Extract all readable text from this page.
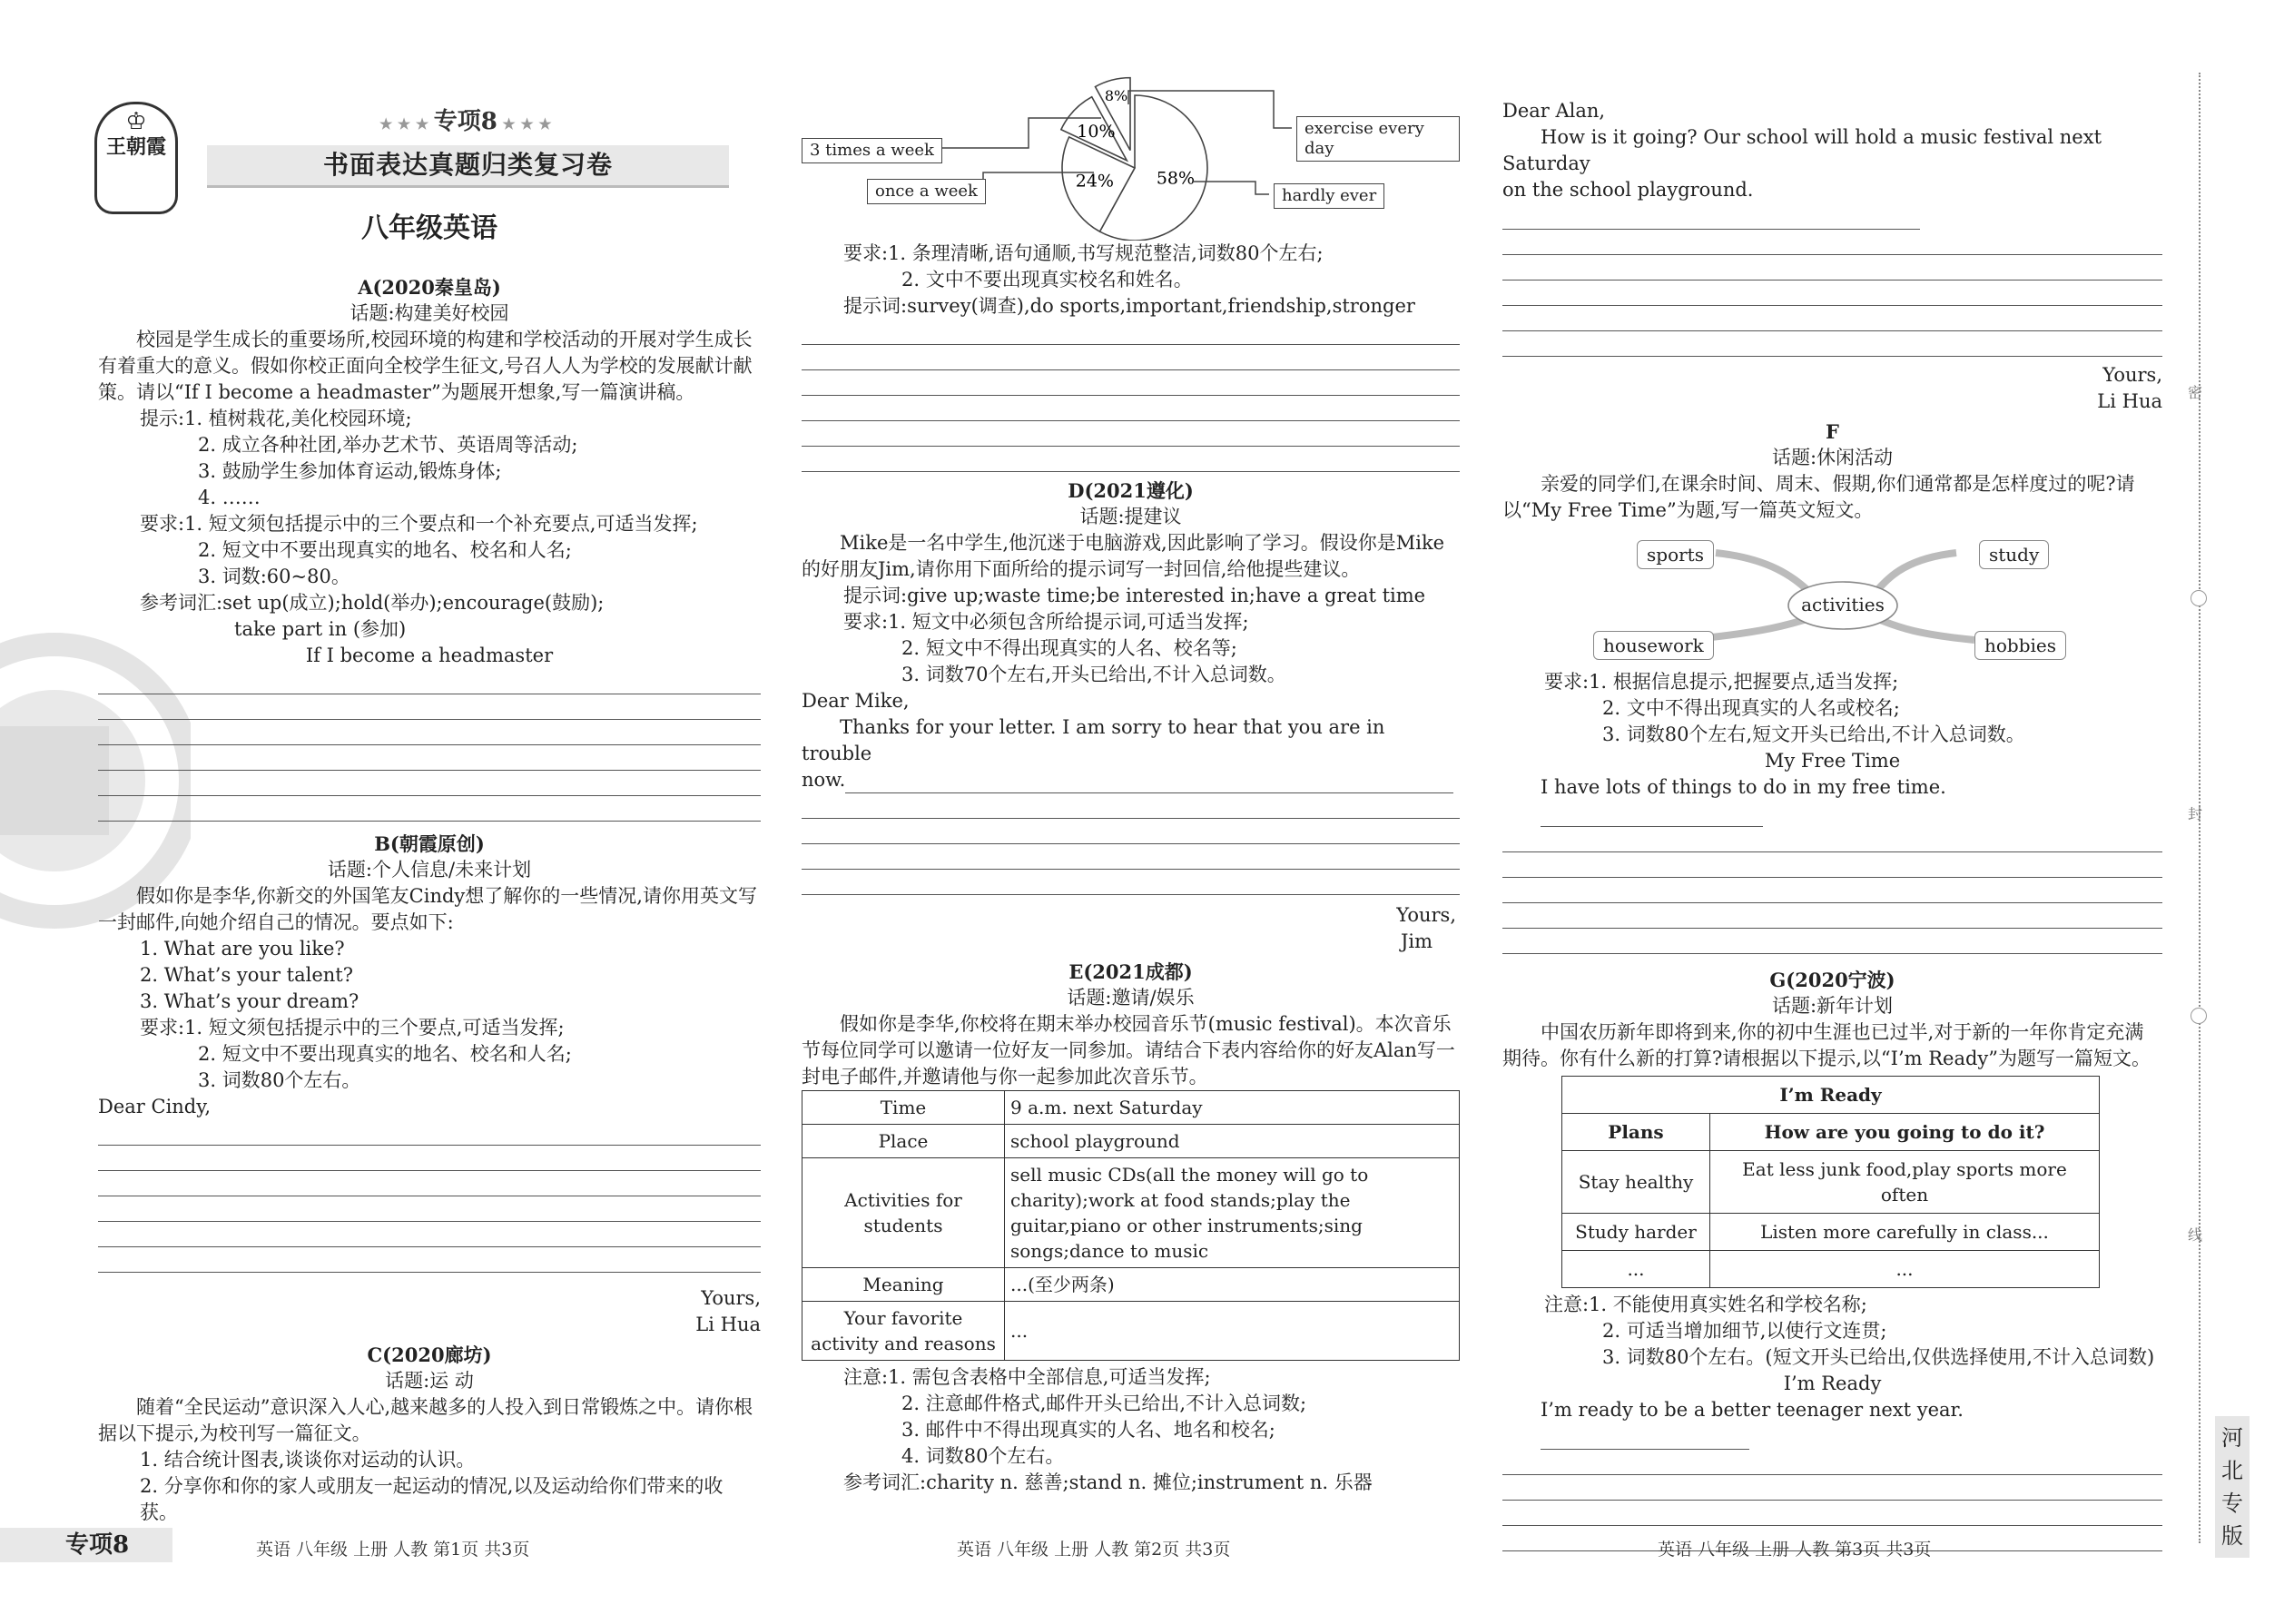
♔
王朝霞
★ ★ ★ 专项8 ★ ★ ★
书面表达真题归类复习卷
八年级英语

A(2020秦皇岛)

话题:构建美好校园

校园是学生成长的重要场所,校园环境的构建和学校活动的开展对学生成长有着重大的意义。假如你校正面向全校学生征文,号召人人为学校的发展献计献策。请以“If I become a headmaster”为题展开想象,写一篇演讲稿。

提示:1. 植树栽花,美化校园环境;

2. 成立各种社团,举办艺术节、英语周等活动;

3. 鼓励学生参加体育运动,锻炼身体;

4. ……

要求:1. 短文须包括提示中的三个要点和一个补充要点,可适当发挥;

2. 短文中不要出现真实的地名、校名和人名;

3. 词数:60~80。

参考词汇:set up(成立);hold(举办);encourage(鼓励);

take part in (参加)

If I become a headmaster

B(朝霞原创)

话题:个人信息/未来计划

假如你是李华,你新交的外国笔友Cindy想了解你的一些情况,请你用英文写一封邮件,向她介绍自己的情况。要点如下:

1. What are you like?

2. What’s your talent?

3. What’s your dream?

要求:1. 短文须包括提示中的三个要点,可适当发挥;

2. 短文中不要出现真实的地名、校名和人名;

3. 词数80个左右。

Dear Cindy,

Yours,

Li Hua

C(2020廊坊)

话题:运 动

随着“全民运动”意识深入人心,越来越多的人投入到日常锻炼之中。请你根据以下提示,为校刊写一篇征文。

1. 结合统计图表,谈谈你对运动的认识。

2. 分享你和你的家人或朋友一起运动的情况,以及运动给你们带来的收获。

58%
24%
10%
8%
3 times a week
once a week
exercise every day
hardly ever

要求:1. 条理清晰,语句通顺,书写规范整洁,词数80个左右;

2. 文中不要出现真实校名和姓名。

提示词:survey(调查),do sports,important,friendship,stronger

D(2021遵化)

话题:提建议

Mike是一名中学生,他沉迷于电脑游戏,因此影响了学习。假设你是Mike的好朋友Jim,请你用下面所给的提示词写一封回信,给他提些建议。

提示词:give up;waste time;be interested in;have a great time

要求:1. 短文中必须包含所给提示词,可适当发挥;

2. 短文中不得出现真实的人名、校名等;

3. 词数70个左右,开头已给出,不计入总词数。

Dear Mike,

Thanks for your letter. I am sorry to hear that you are in trouble

now.

Yours,

Jim

E(2021成都)

话题:邀请/娱乐

假如你是李华,你校将在期末举办校园音乐节(music festival)。本次音乐节每位同学可以邀请一位好友一同参加。请结合下表内容给你的好友Alan写一封电子邮件,并邀请他与你一起参加此次音乐节。

Time	9 a.m. next Saturday
Place	school playground
Activities for students	sell music CDs(all the money will go to charity);work at food stands;play the guitar,piano or other instruments;sing songs;dance to music
Meaning	...(至少两条)
Your favorite activity and reasons	...

注意:1. 需包含表格中全部信息,可适当发挥;

2. 注意邮件格式,邮件开头已给出,不计入总词数;

3. 邮件中不得出现真实的人名、地名和校名;

4. 词数80个左右。

参考词汇:charity n. 慈善;stand n. 摊位;instrument n. 乐器

Dear Alan,

How is it going? Our school will hold a music festival next Saturday

on the school playground.

Yours,

Li Hua

F

话题:休闲活动

亲爱的同学们,在课余时间、周末、假期,你们通常都是怎样度过的呢?请以“My Free Time”为题,写一篇英文短文。

activities
sports	study
housework	hobbies

要求:1. 根据信息提示,把握要点,适当发挥;

2. 文中不得出现真实的人名或校名;

3. 词数80个左右,短文开头已给出,不计入总词数。

My Free Time

I have lots of things to do in my free time.

G(2020宁波)

话题:新年计划

中国农历新年即将到来,你的初中生涯也已过半,对于新的一年你肯定充满期待。你有什么新的打算?请根据以下提示,以“I’m Ready”为题写一篇短文。

I’m Ready	
Plans	How are you going to do it?
Stay healthy	Eat less junk food,play sports more often
Study harder	Listen more carefully in class...
...	...

注意:1. 不能使用真实姓名和学校名称;

2. 可适当增加细节,以使行文连贯;

3. 词数80个左右。(短文开头已给出,仅供选择使用,不计入总词数)

I’m Ready

I’m ready to be a better teenager next year.

密
封
线
河北专版
专项8	英语 八年级 上册 人教 第1页 共3页	英语 八年级 上册 人教 第2页 共3页	英语 八年级 上册 人教 第3页 共3页
